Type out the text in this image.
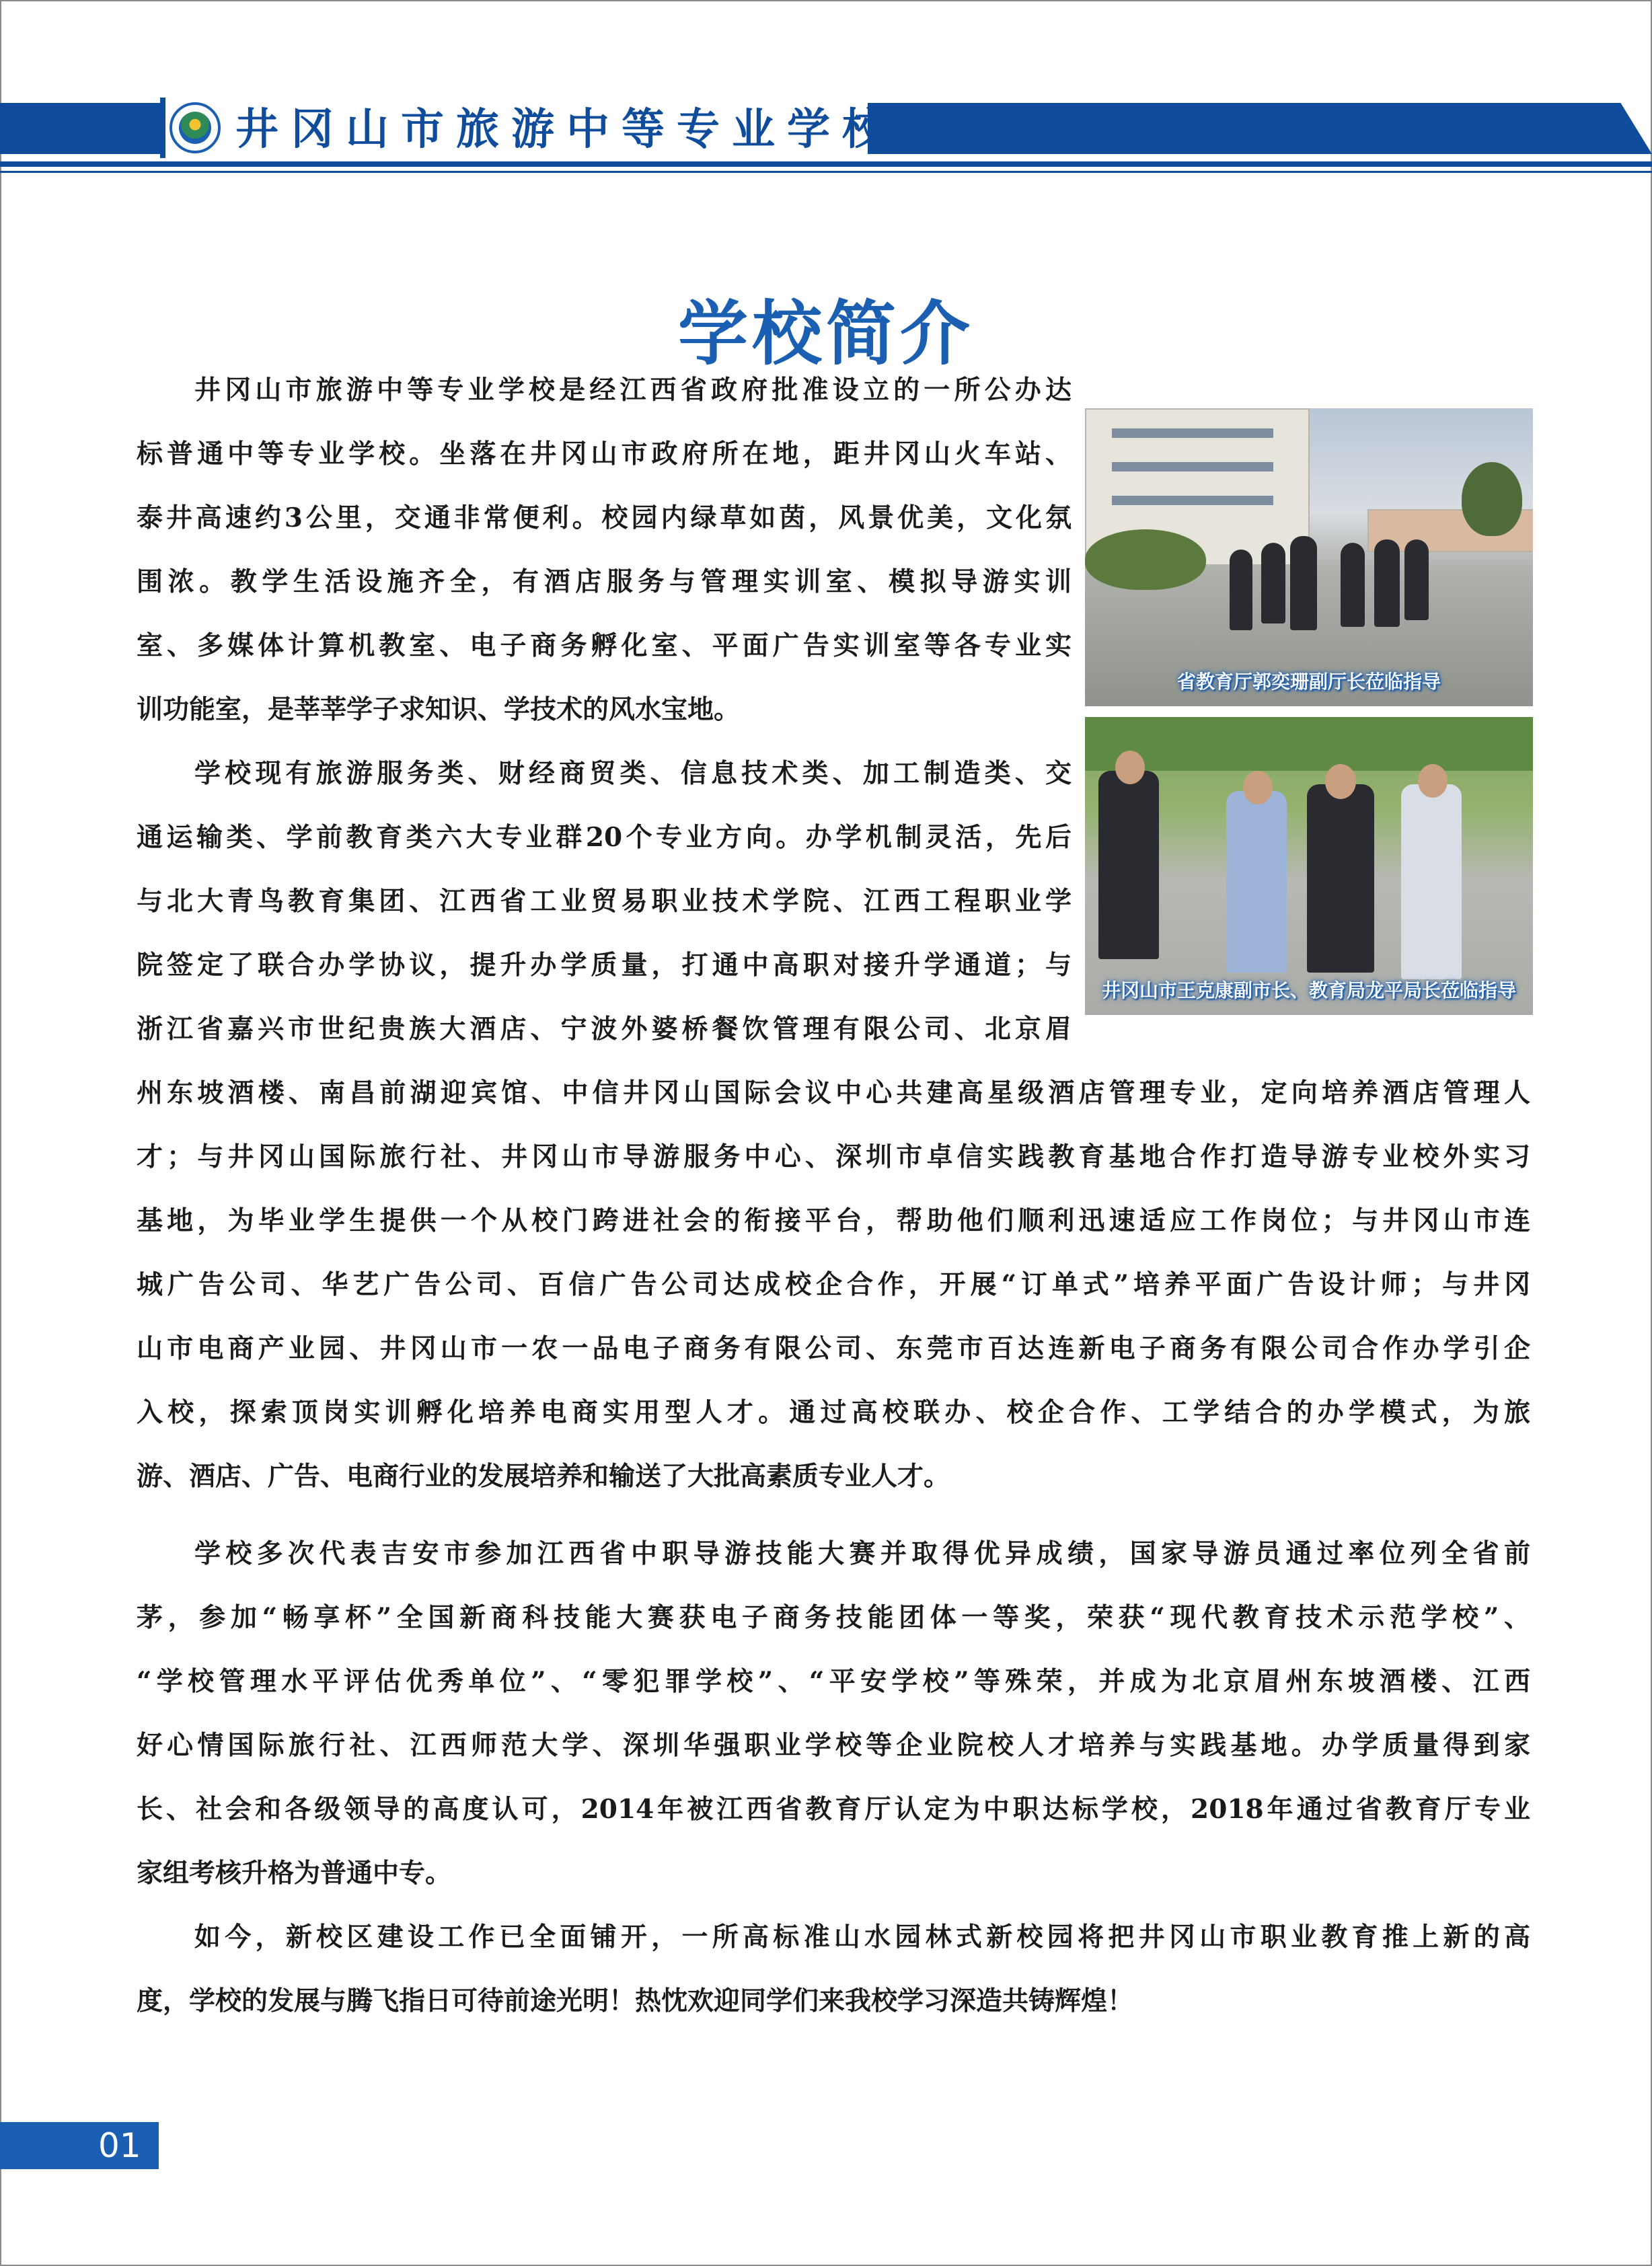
井冈山市旅游中等专业学校
学校简介
井冈山市旅游中等专业学校是经江西省政府批准设立的一所公办达
标普通中等专业学校。坐落在井冈山市政府所在地，距井冈山火车站、
泰井高速约3公里，交通非常便利。校园内绿草如茵，风景优美，文化氛
围浓。教学生活设施齐全，有酒店服务与管理实训室、模拟导游实训
室、多媒体计算机教室、电子商务孵化室、平面广告实训室等各专业实
训功能室，是莘莘学子求知识、学技术的风水宝地。
学校现有旅游服务类、财经商贸类、信息技术类、加工制造类、交
通运输类、学前教育类六大专业群20个专业方向。办学机制灵活，先后
与北大青鸟教育集团、江西省工业贸易职业技术学院、江西工程职业学
院签定了联合办学协议，提升办学质量，打通中高职对接升学通道；与
浙江省嘉兴市世纪贵族大酒店、宁波外婆桥餐饮管理有限公司、北京眉
州东坡酒楼、南昌前湖迎宾馆、中信井冈山国际会议中心共建高星级酒店管理专业，定向培养酒店管理人
才；与井冈山国际旅行社、井冈山市导游服务中心、深圳市卓信实践教育基地合作打造导游专业校外实习
基地，为毕业学生提供一个从校门跨进社会的衔接平台，帮助他们顺利迅速适应工作岗位；与井冈山市连
城广告公司、华艺广告公司、百信广告公司达成校企合作，开展“订单式”培养平面广告设计师；与井冈
山市电商产业园、井冈山市一农一品电子商务有限公司、东莞市百达连新电子商务有限公司合作办学引企
入校，探索顶岗实训孵化培养电商实用型人才。通过高校联办、校企合作、工学结合的办学模式，为旅
游、酒店、广告、电商行业的发展培养和输送了大批高素质专业人才。
学校多次代表吉安市参加江西省中职导游技能大赛并取得优异成绩，国家导游员通过率位列全省前
茅，参加“畅享杯”全国新商科技能大赛获电子商务技能团体一等奖，荣获“现代教育技术示范学校”、
“学校管理水平评估优秀单位”、“零犯罪学校”、“平安学校”等殊荣，并成为北京眉州东坡酒楼、江西
好心情国际旅行社、江西师范大学、深圳华强职业学校等企业院校人才培养与实践基地。办学质量得到家
长、社会和各级领导的高度认可，2014年被江西省教育厅认定为中职达标学校，2018年通过省教育厅专业
家组考核升格为普通中专。
如今，新校区建设工作已全面铺开，一所高标准山水园林式新校园将把井冈山市职业教育推上新的高
度，学校的发展与腾飞指日可待前途光明！热忱欢迎同学们来我校学习深造共铸辉煌！
省教育厅郭奕珊副厅长莅临指导
井冈山市王克康副市长、教育局龙平局长莅临指导
01
